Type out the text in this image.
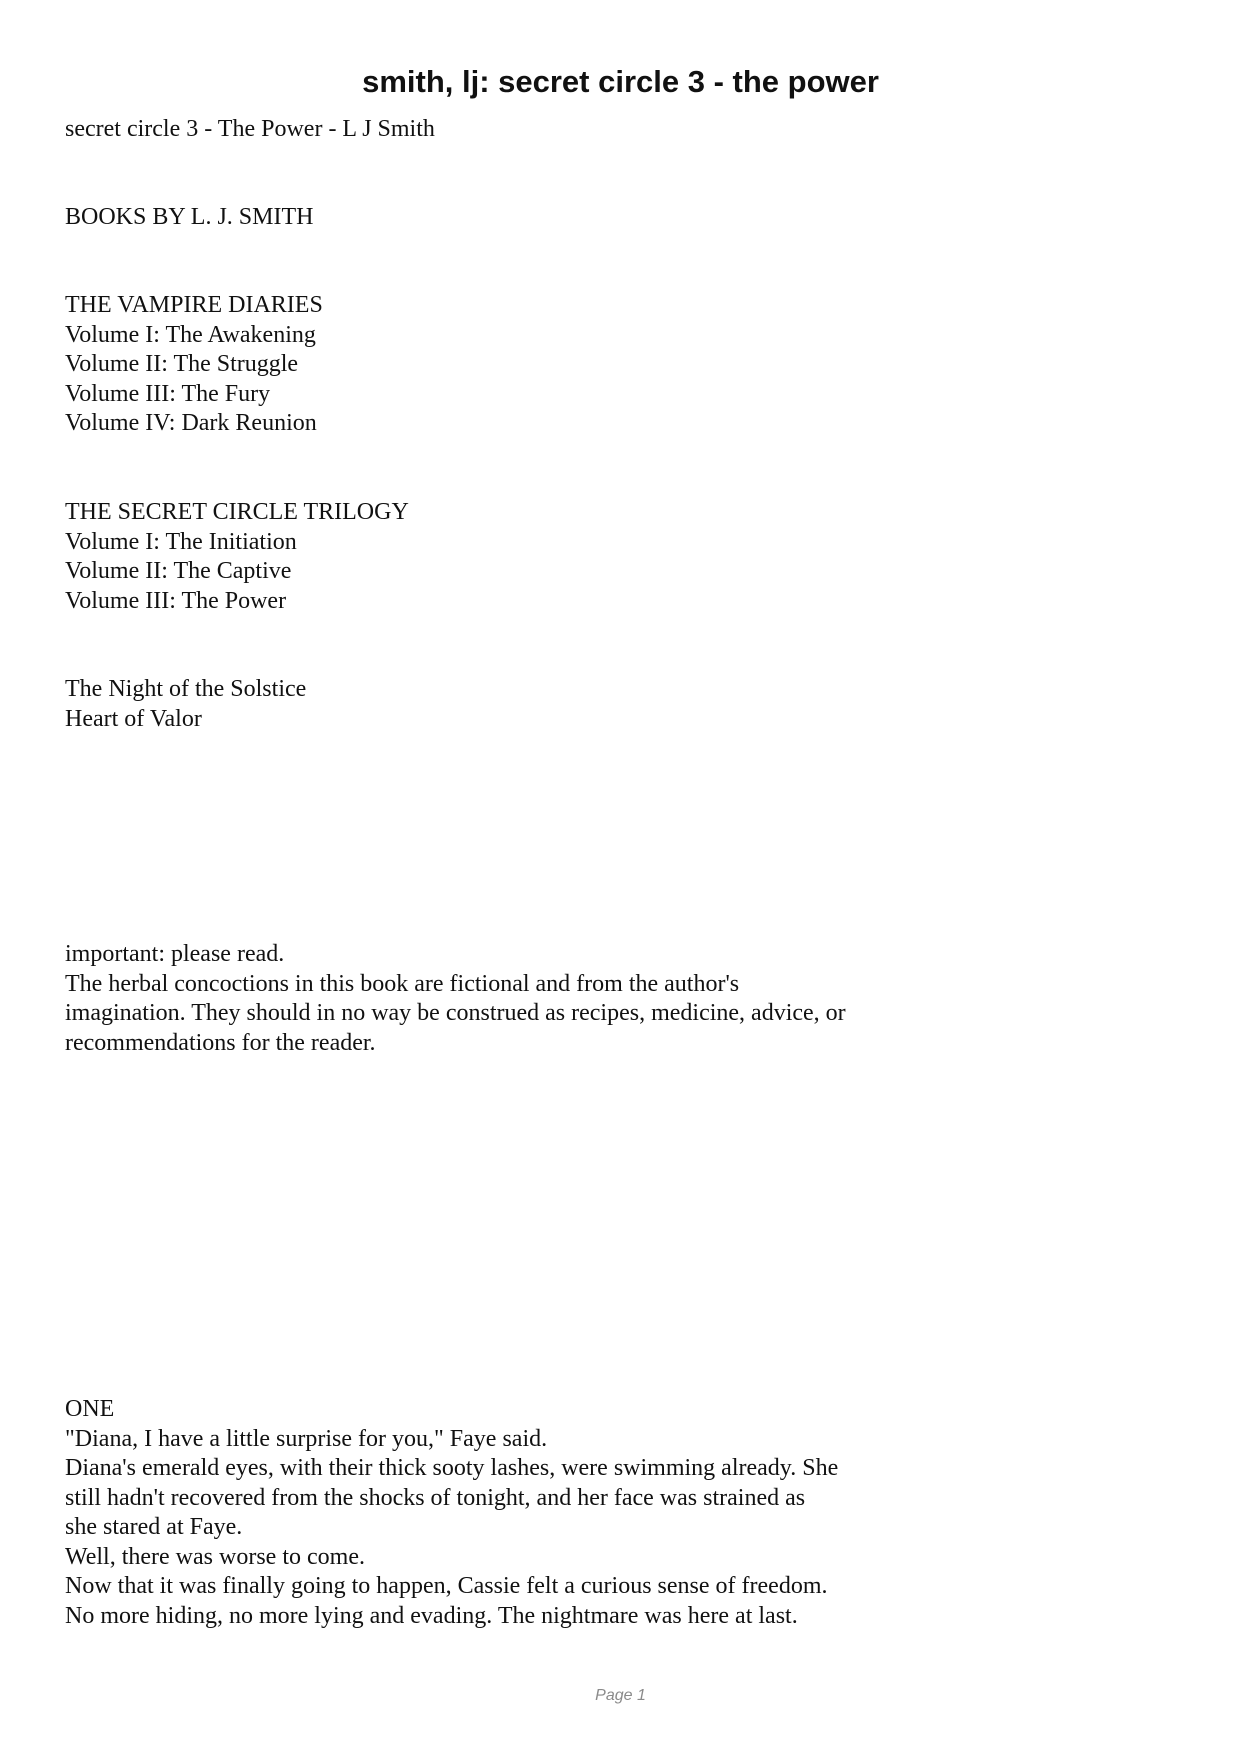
smith, lj: secret circle 3 - the power
secret circle 3 - The Power - L J Smith
BOOKS BY L. J. SMITH
THE VAMPIRE DIARIES
Volume I: The Awakening
Volume II: The Struggle
Volume III: The Fury
Volume IV: Dark Reunion
THE SECRET CIRCLE TRILOGY
Volume I: The Initiation
Volume II: The Captive
Volume III: The Power
The Night of the Solstice
Heart of Valor
important: please read.
The herbal concoctions in this book are fictional and from the author's
imagination. They should in no way be construed as recipes, medicine, advice, or
recommendations for the reader.
ONE
"Diana, I have a little surprise for you," Faye said.
Diana's emerald eyes, with their thick sooty lashes, were swimming already. She
still hadn't recovered from the shocks of tonight, and her face was strained as
she stared at Faye.
Well, there was worse to come.
Now that it was finally going to happen, Cassie felt a curious sense of freedom.
No more hiding, no more lying and evading. The nightmare was here at last.
Page 1
